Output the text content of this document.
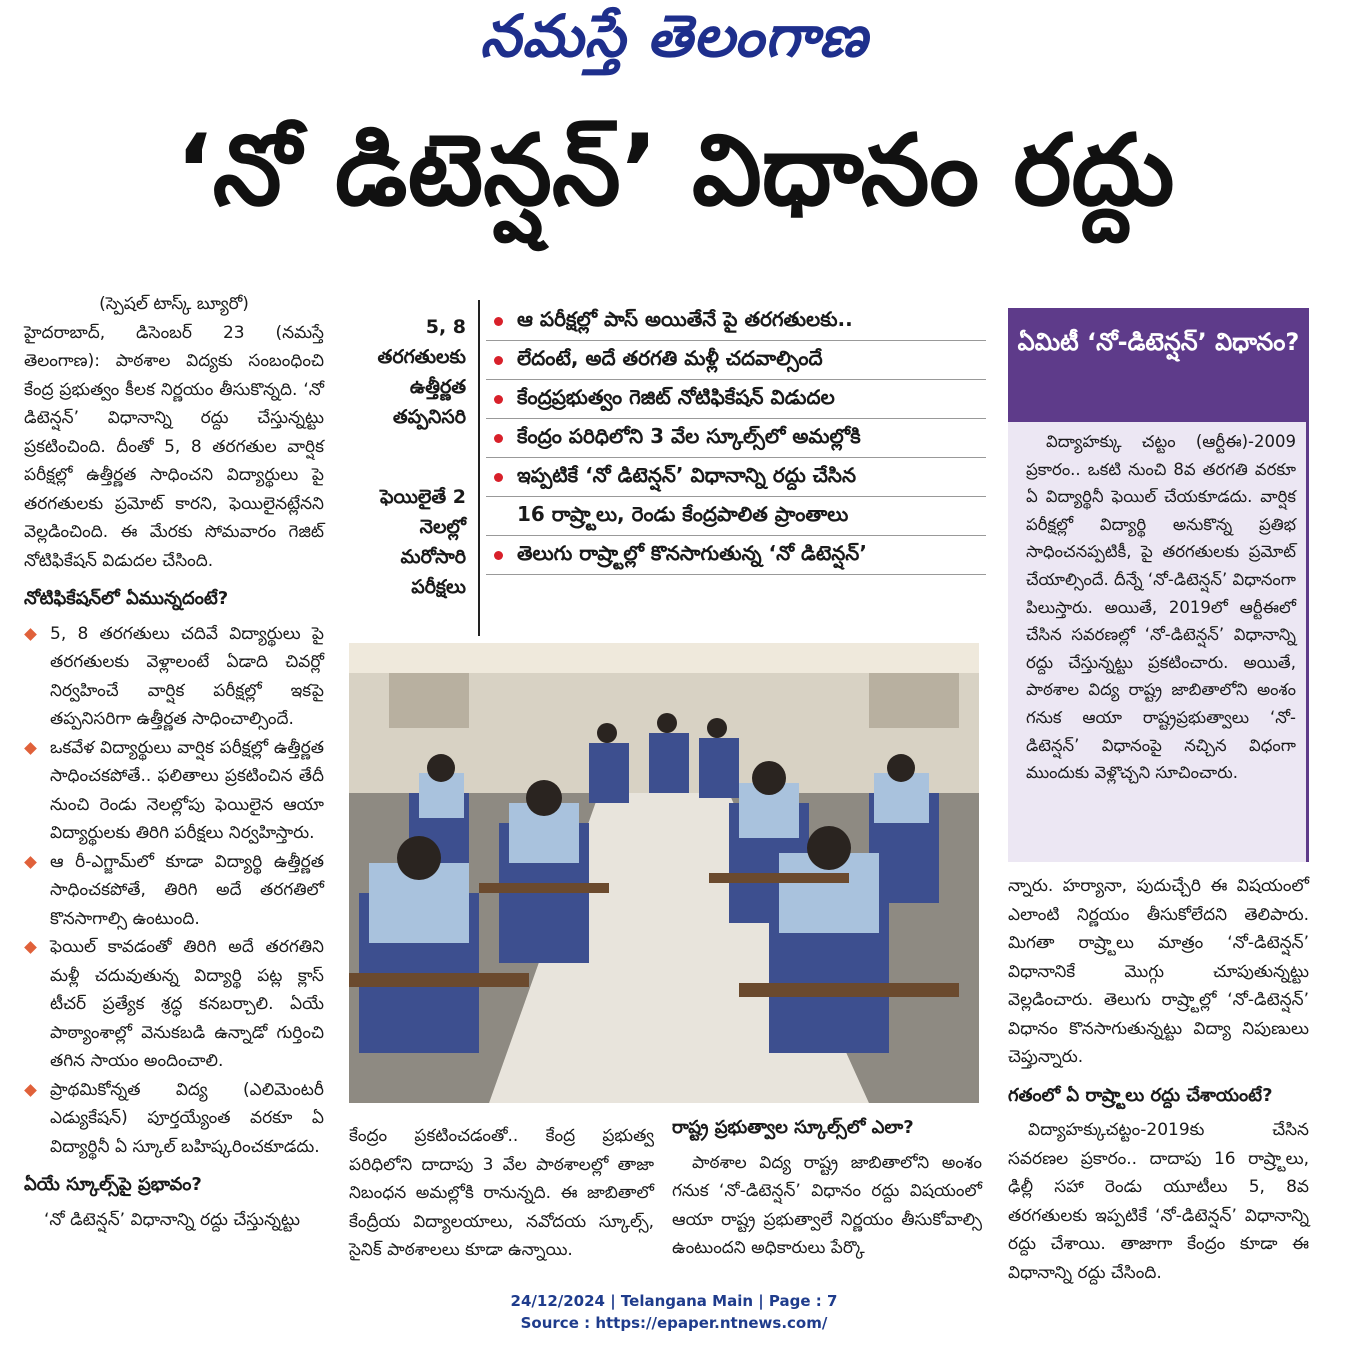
నమస్తే తెలంగాణ
‘నో డిటెన్షన్’ విధానం రద్దు

(స్పెషల్ టాస్క్ బ్యూరో)

హైదరాబాద్, డిసెంబర్ 23 (నమస్తే తెలంగాణ): పాఠశాల విద్యకు సంబంధించి కేంద్ర ప్రభుత్వం కీలక నిర్ణయం తీసుకొన్నది. ‘నో డిటెన్షన్’ విధానాన్ని రద్దు చేస్తున్నట్టు ప్రకటించింది. దీంతో 5, 8 తరగతుల వార్షిక పరీక్షల్లో ఉత్తీర్ణత సాధించని విద్యార్థులు పై తరగతులకు ప్రమోట్ కారని, ఫెయిలైనట్లేనని వెల్లడించింది. ఈ మేరకు సోమవారం గెజిట్ నోటిఫికేషన్ విడుదల చేసింది.

నోటిఫికేషన్‌లో ఏమున్నదంటే?
5, 8 తరగతులు చదివే విద్యార్థులు పై తరగతులకు వెళ్లాలంటే ఏడాది చివర్లో నిర్వహించే వార్షిక పరీక్షల్లో ఇకపై తప్పనిసరిగా ఉత్తీర్ణత సాధించాల్సిందే.
ఒకవేళ విద్యార్థులు వార్షిక పరీక్షల్లో ఉత్తీర్ణత సాధించకపోతే.. ఫలితాలు ప్రకటించిన తేదీ నుంచి రెండు నెలల్లోపు ఫెయిలైన ఆయా విద్యార్థులకు తిరిగి పరీక్షలు నిర్వహిస్తారు.
ఆ రీ-ఎగ్జామ్‌లో కూడా విద్యార్థి ఉత్తీర్ణత సాధించకపోతే, తిరిగి అదే తరగతిలో కొనసాగాల్సి ఉంటుంది.
ఫెయిల్ కావడంతో తిరిగి అదే తరగతిని మళ్లీ చదువుతున్న విద్యార్థి పట్ల క్లాస్ టీచర్ ప్రత్యేక శ్రద్ధ కనబర్చాలి. ఏయే పాఠ్యాంశాల్లో వెనుకబడి ఉన్నాడో గుర్తించి తగిన సాయం అందించాలి.
ప్రాథమికోన్నత విద్య (ఎలిమెంటరీ ఎడ్యుకేషన్) పూర్తయ్యేంత వరకూ ఏ విద్యార్థినీ ఏ స్కూల్ బహిష్కరించకూడదు.
ఏయే స్కూల్స్‌పై ప్రభావం?

‘నో డిటెన్షన్’ విధానాన్ని రద్దు చేస్తున్నట్టు

5, 8 తరగతులకు ఉత్తీర్ణత తప్పనిసరి
ఫెయిలైతే 2 నెలల్లో మరోసారి పరీక్షలు
ఆ పరీక్షల్లో పాస్ అయితేనే పై తరగతులకు..
లేదంటే, అదే తరగతి మళ్లీ చదవాల్సిందే
కేంద్రప్రభుత్వం గెజిట్ నోటిఫికేషన్ విడుదల
కేంద్రం పరిధిలోని 3 వేల స్కూల్స్‌లో అమల్లోకి
ఇప్పటికే ‘నో డిటెన్షన్’ విధానాన్ని రద్దు చేసిన
16 రాష్ర్టాలు, రెండు కేంద్రపాలిత ప్రాంతాలు
తెలుగు రాష్ర్టాల్లో కొనసాగుతున్న ‘నో డిటెన్షన్’

కేంద్రం ప్రకటించడంతో.. కేంద్ర ప్రభుత్వ పరిధిలోని దాదాపు 3 వేల పాఠశాలల్లో తాజా నిబంధన అమల్లోకి రానున్నది. ఈ జాబితాలో కేంద్రీయ విద్యాలయాలు, నవోదయ స్కూల్స్, సైనిక్ పాఠశాలలు కూడా ఉన్నాయి.

రాష్ట్ర ప్రభుత్వాల స్కూల్స్‌లో ఎలా?

పాఠశాల విద్య రాష్ట్ర జాబితాలోని అంశం గనుక ‘నో-డిటెన్షన్’ విధానం రద్దు విషయంలో ఆయా రాష్ట్ర ప్రభుత్వాలే నిర్ణయం తీసుకోవాల్సి ఉంటుందని అధికారులు పేర్కొ

ఏమిటీ ‘నో-డిటెన్షన్’ విధానం?

విద్యాహక్కు చట్టం (ఆర్టీఈ)-2009 ప్రకారం.. ఒకటి నుంచి 8వ తరగతి వరకూ ఏ విద్యార్థినీ ఫెయిల్ చేయకూడదు. వార్షిక పరీక్షల్లో విద్యార్థి అనుకొన్న ప్రతిభ సాధించనప్పటికీ, పై తరగతులకు ప్రమోట్ చేయాల్సిందే. దీన్నే ‘నో-డిటెన్షన్’ విధానంగా పిలుస్తారు. అయితే, 2019లో ఆర్టీఈలో చేసిన సవరణల్లో ‘నో-డిటెన్షన్’ విధానాన్ని రద్దు చేస్తున్నట్టు ప్రకటించారు. అయితే, పాఠశాల విద్య రాష్ట్ర జాబితాలోని అంశం గనుక ఆయా రాష్ట్రప్రభుత్వాలు ‘నో-డిటెన్షన్’ విధానంపై నచ్చిన విధంగా ముందుకు వెళ్లొచ్చని సూచించారు.

న్నారు. హర్యానా, పుదుచ్చేరి ఈ విషయంలో ఎలాంటి నిర్ణయం తీసుకోలేదని తెలిపారు. మిగతా రాష్ర్టాలు మాత్రం ‘నో-డిటెన్షన్’ విధానానికే మొగ్గు చూపుతున్నట్టు వెల్లడించారు. తెలుగు రాష్ర్టాల్లో ‘నో-డిటెన్షన్’ విధానం కొనసాగుతున్నట్టు విద్యా నిపుణులు చెప్తున్నారు.

గతంలో ఏ రాష్ర్టాలు రద్దు చేశాయంటే?

విద్యాహక్కుచట్టం-2019కు చేసిన సవరణల ప్రకారం.. దాదాపు 16 రాష్ర్టాలు, ఢిల్లీ సహా రెండు యూటీలు 5, 8వ తరగతులకు ఇప్పటికే ‘నో-డిటెన్షన్’ విధానాన్ని రద్దు చేశాయి. తాజాగా కేంద్రం కూడా ఈ విధానాన్ని రద్దు చేసింది.

24/12/2024 | Telangana Main | Page : 7
Source : https://epaper.ntnews.com/
